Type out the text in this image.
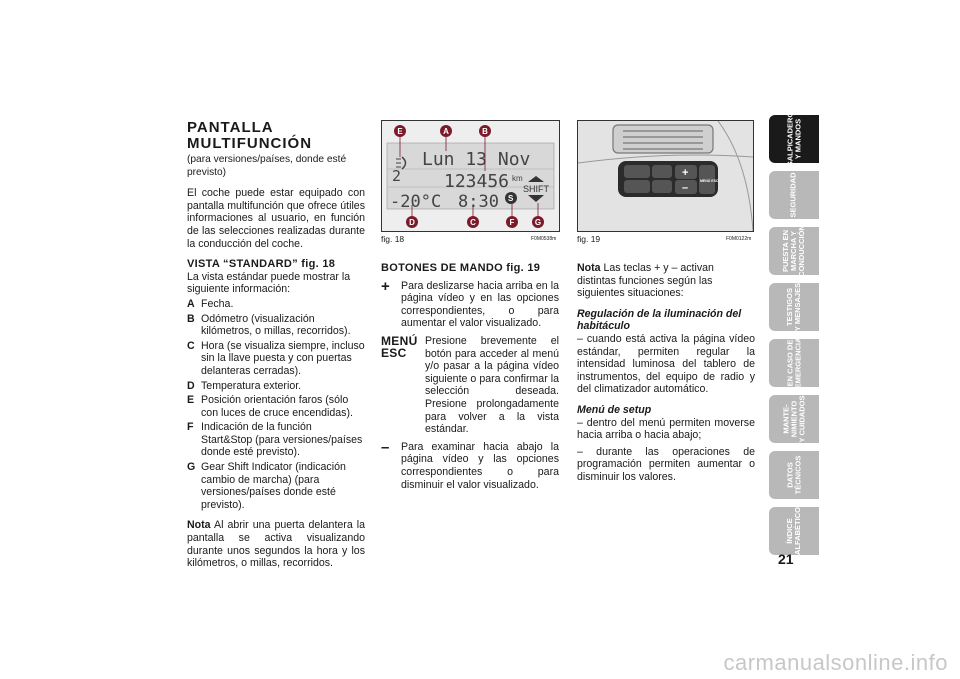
PANTALLA MULTIFUNCIÓN
(para versiones/países, donde esté previsto)

El coche puede estar equipado con pantalla multifunción que ofrece útiles informaciones al usuario, en función de las selecciones realizadas durante la conducción del coche.

VISTA “STANDARD” fig. 18
La vista estándar puede mostrar la siguiente información:
A Fecha.
B Odómetro (visualización kilómetros, o millas, recorridos).
C Hora (se visualiza siempre, incluso sin la llave puesta y con puertas delanteras cerradas).
D Temperatura exterior.
E Posición orientación faros (sólo con luces de cruce encendidas).
F Indicación de la función Start&Stop (para versiones/países donde esté previsto).
G Gear Shift Indicator (indicación cambio de marcha) (para versiones/países donde esté previsto).

Nota Al abrir una puerta delantera la pantalla se activa visualizando durante unos segundos la hora y los kilómetros, o millas, recorridos.

2
Lun 13 Nov
123456 km
-20°C 8:30
SHIFT
S
E	A	B
D	C	F	G
fig. 18	F0M0538m
+
–
MENÚ ESC
fig. 19	F0M0122m
BOTONES DE MANDO fig. 19
+	Para deslizarse hacia arriba en la página vídeo y en las opciones correspondientes, o para aumentar el valor visualizado.
MENÚ ESC
Presione brevemente el botón para acceder al menú y/o pasar a la página vídeo siguiente o para confirmar la selección deseada. Presione prolongadamente para volver a la vista estándar.
–	Para examinar hacia abajo la página vídeo y las opciones correspondientes o para disminuir el valor visualizado.
Nota Las teclas + y – activan distintas funciones según las siguientes situaciones:
Regulación de la iluminación del habitáculo
– cuando está activa la página vídeo estándar, permiten regular la intensidad luminosa del tablero de instrumentos, del equipo de radio y del climatizador automático.
Menú de setup
– dentro del menú permiten moverse hacia arriba o hacia abajo;
– durante las operaciones de programación permiten aumentar o disminuir los valores.
SALPICADERO
Y MANDOS
SEGURIDAD
PUESTA EN
MARCHA Y
CONDUCCIÓN
TESTIGOS
Y MENSAJES
EN CASO DE
EMERGENCIA
MANTE-
NIMIENTO
Y CUIDADOS
DATOS
TÉCNICOS
ÍNDICE
ALFABÉTICO
21
carmanualsonline.info
